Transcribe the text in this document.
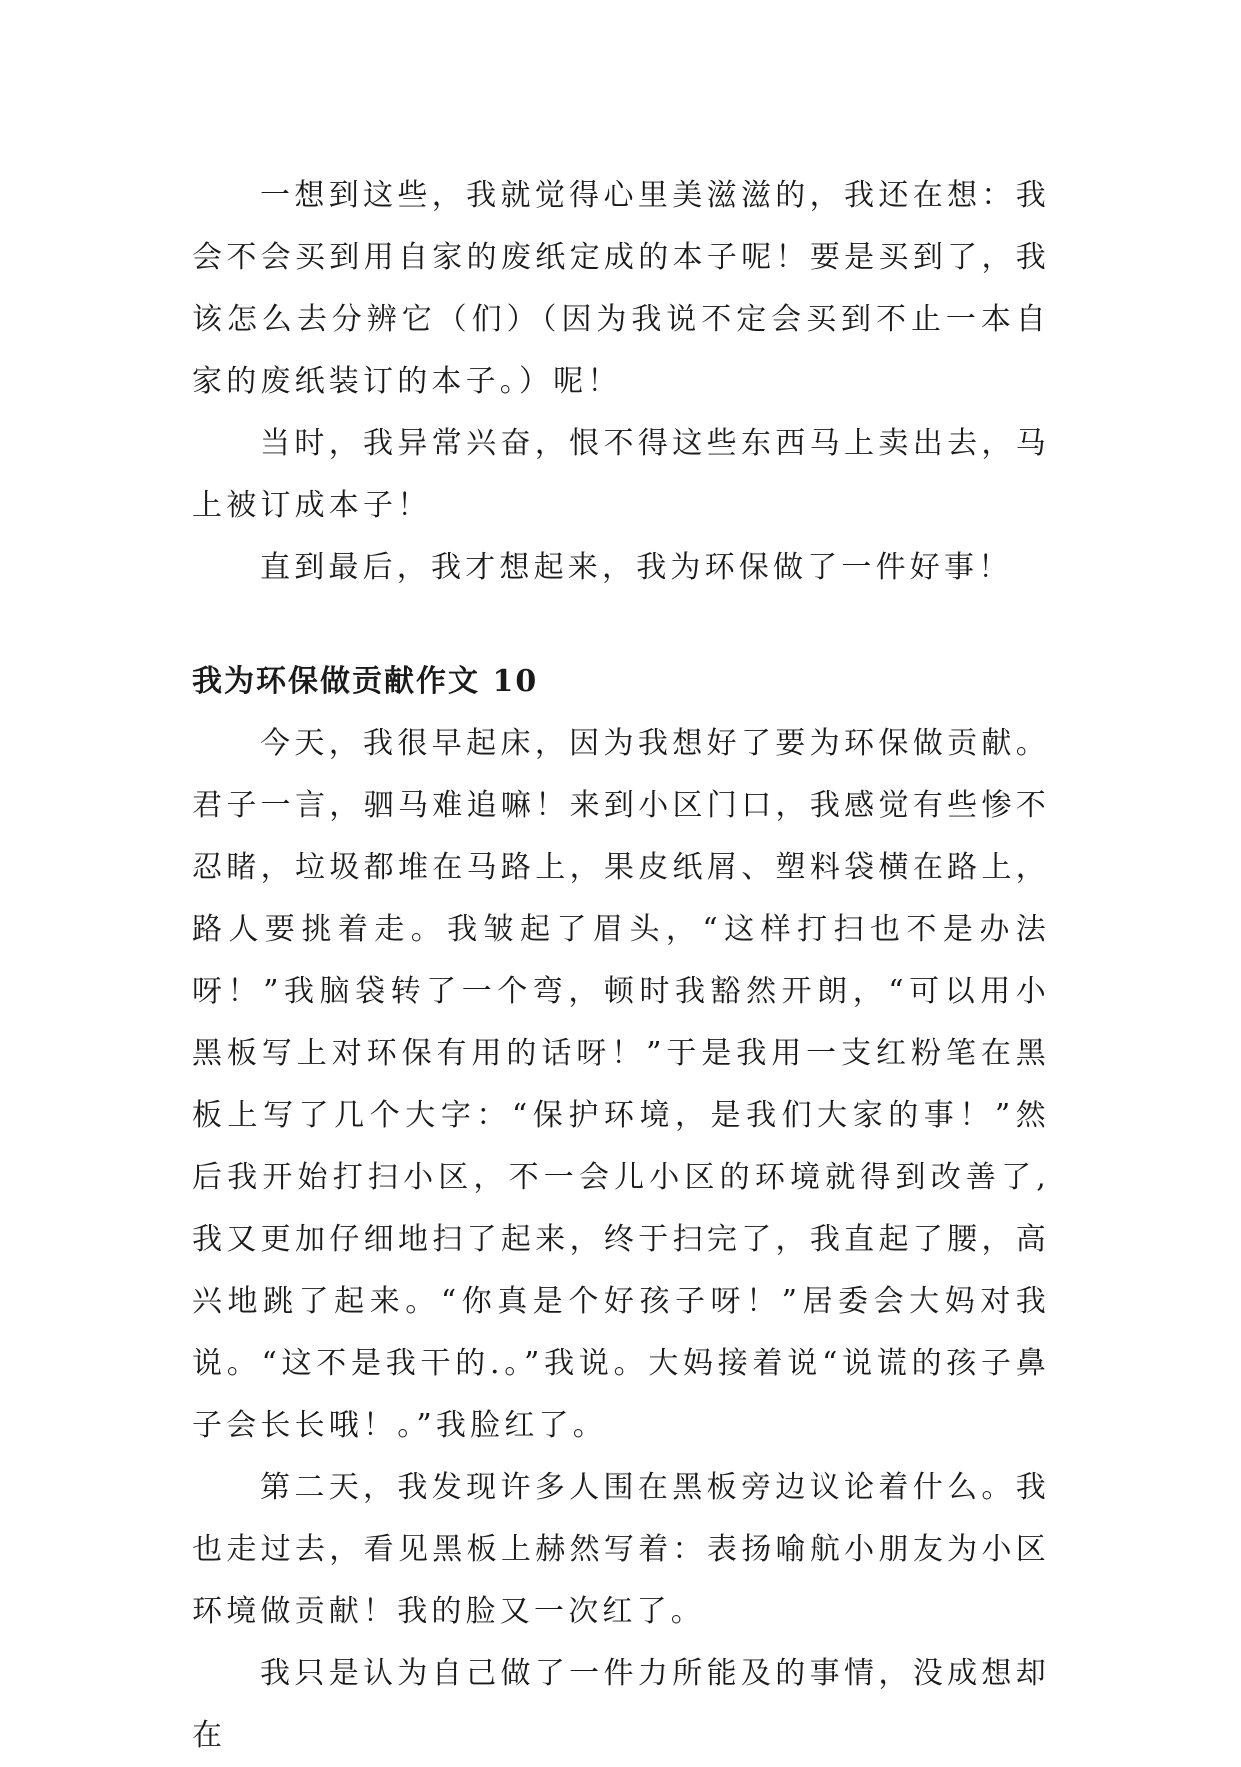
一想到这些，我就觉得心里美滋滋的，我还在想：我会不会买到用自家的废纸定成的本子呢！要是买到了，我该怎么去分辨它（们）（因为我说不定会买到不止一本自家的废纸装订的本子。）呢！

当时，我异常兴奋，恨不得这些东西马上卖出去，马上被订成本子！

直到最后，我才想起来，我为环保做了一件好事！

我为环保做贡献作文 10

今天，我很早起床，因为我想好了要为环保做贡献。君子一言，驷马难追嘛！来到小区门口，我感觉有些惨不忍睹，垃圾都堆在马路上，果皮纸屑、塑料袋横在路上，路人要挑着走。我皱起了眉头，“这样打扫也不是办法呀！”我脑袋转了一个弯，顿时我豁然开朗，“可以用小黑板写上对环保有用的话呀！”于是我用一支红粉笔在黑板上写了几个大字：“保护环境，是我们大家的事！”然后我开始打扫小区，不一会儿小区的环境就得到改善了,我又更加仔细地扫了起来，终于扫完了，我直起了腰，高兴地跳了起来。“你真是个好孩子呀！”居委会大妈对我说。“这不是我干的.。”我说。大妈接着说“说谎的孩子鼻子会长长哦！。”我脸红了。

第二天，我发现许多人围在黑板旁边议论着什么。我也走过去，看见黑板上赫然写着：表扬喻航小朋友为小区环境做贡献！我的脸又一次红了。

我只是认为自己做了一件力所能及的事情，没成想却在
